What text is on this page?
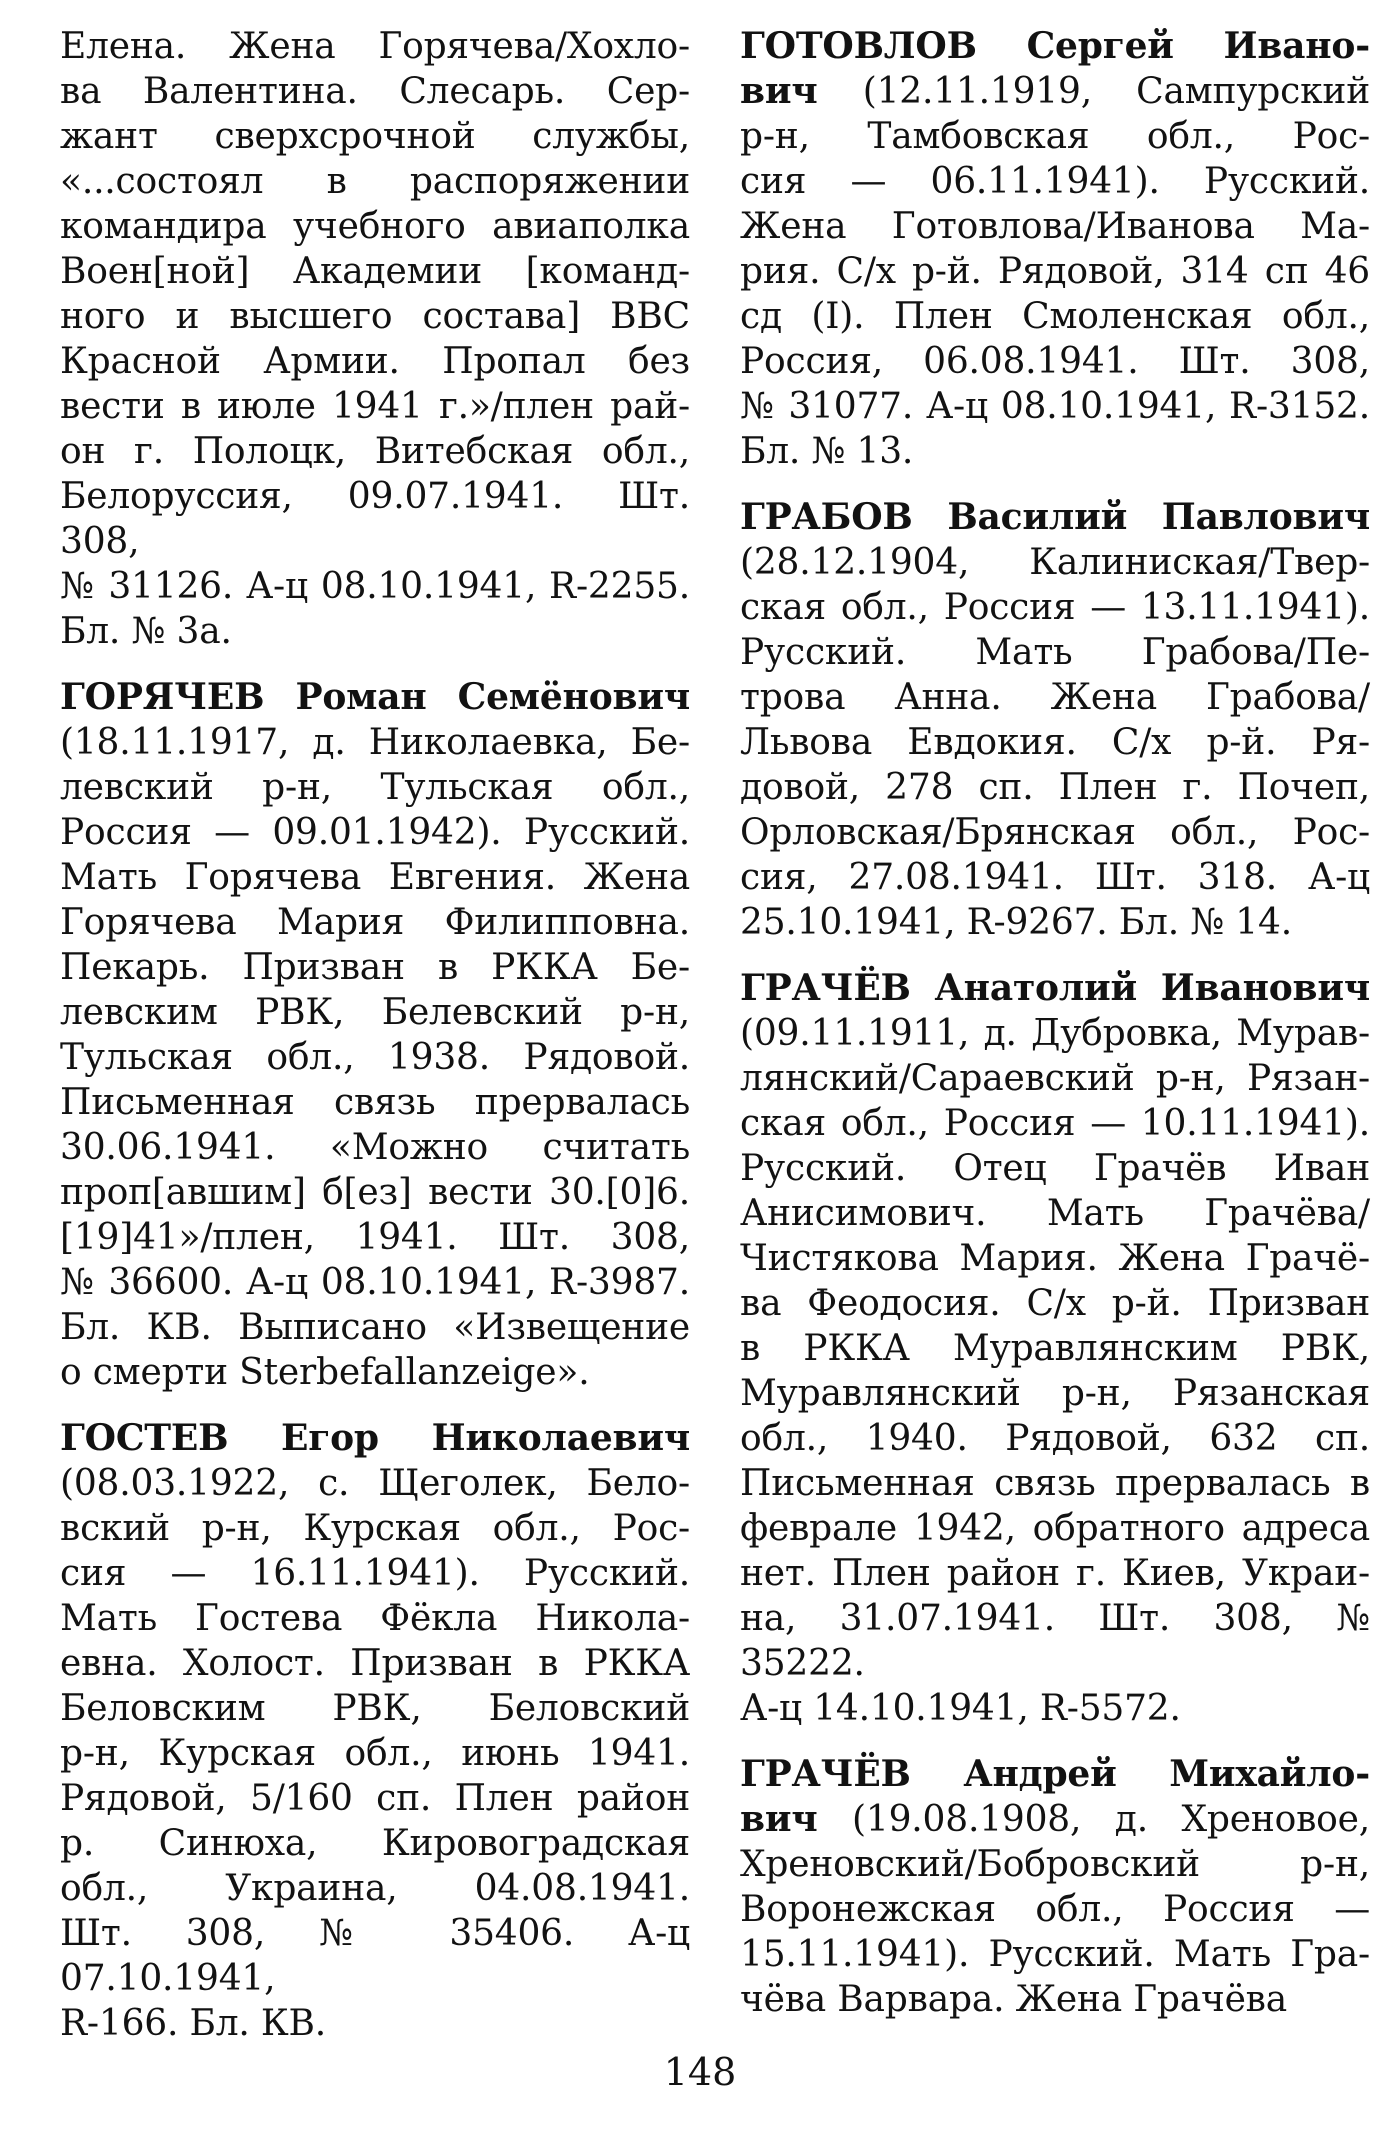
Елена. Жена Горячева/Хохло-
ва Валентина. Слесарь. Сер-
жант сверхсрочной службы,
«...состоял в распоряжении
командира учебного авиаполка
Воен[ной] Академии [команд-
ного и высшего состава] ВВС
Красной Армии. Пропал без
вести в июле 1941 г.»/плен рай-
он г. Полоцк, Витебская обл.,
Белоруссия, 09.07.1941. Шт. 308,
№ 31126. А-ц 08.10.1941, R-2255.
Бл. № 3а.
ГОРЯЧЕВ Роман Семёнович
(18.11.1917, д. Николаевка, Бе-
левский р-н, Тульская обл.,
Россия — 09.01.1942). Русский.
Мать Горячева Евгения. Жена
Горячева Мария Филипповна.
Пекарь. Призван в РККА Бе-
левским РВК, Белевский р-н,
Тульская обл., 1938. Рядовой.
Письменная связь прервалась
30.06.1941. «Можно считать
проп[авшим] б[ез] вести 30.[0]6.
[19]41»/плен, 1941. Шт. 308,
№ 36600. А-ц 08.10.1941, R-3987.
Бл. КВ. Выписано «Извещение
о смерти Sterbefallanzeige».
ГОСТЕВ Егор Николаевич
(08.03.1922, с. Щеголек, Бело-
вский р-н, Курская обл., Рос-
сия — 16.11.1941). Русский.
Мать Гостева Фёкла Никола-
евна. Холост. Призван в РККА
Беловским РВК, Беловский
р-н, Курская обл., июнь 1941.
Рядовой, 5/160 сп. Плен район
р. Синюха, Кировоградская
обл., Украина, 04.08.1941.
Шт. 308, № 35406. А-ц 07.10.1941,
R-166. Бл. КВ.
ГОТОВЛОВ Сергей Ивано-
вич (12.11.1919, Сампурский
р-н, Тамбовская обл., Рос-
сия — 06.11.1941). Русский.
Жена Готовлова/Иванова Ма-
рия. С/х р-й. Рядовой, 314 сп 46
сд (I). Плен Смоленская обл.,
Россия, 06.08.1941. Шт. 308,
№ 31077. А-ц 08.10.1941, R-3152.
Бл. № 13.
ГРАБОВ Василий Павлович
(28.12.1904, Калиниская/Твер-
ская обл., Россия — 13.11.1941).
Русский. Мать Грабова/Пе-
трова Анна. Жена Грабова/
Львова Евдокия. С/х р-й. Ря-
довой, 278 сп. Плен г. Почеп,
Орловская/Брянская обл., Рос-
сия, 27.08.1941. Шт. 318. А-ц
25.10.1941, R-9267. Бл. № 14.
ГРАЧЁВ Анатолий Иванович
(09.11.1911, д. Дубровка, Мурав-
лянский/Сараевский р-н, Рязан-
ская обл., Россия — 10.11.1941).
Русский. Отец Грачёв Иван
Анисимович. Мать Грачёва/
Чистякова Мария. Жена Грачё-
ва Феодосия. С/х р-й. Призван
в РККА Муравлянским РВК,
Муравлянский р-н, Рязанская
обл., 1940. Рядовой, 632 сп.
Письменная связь прервалась в
феврале 1942, обратного адреса
нет. Плен район г. Киев, Украи-
на, 31.07.1941. Шт. 308, № 35222.
А-ц 14.10.1941, R-5572.
ГРАЧЁВ Андрей Михайло-
вич (19.08.1908, д. Хреновое,
Хреновский/Бобровский р-н,
Воронежская обл., Россия —
15.11.1941). Русский. Мать Гра-
чёва Варвара. Жена Грачёва
148
